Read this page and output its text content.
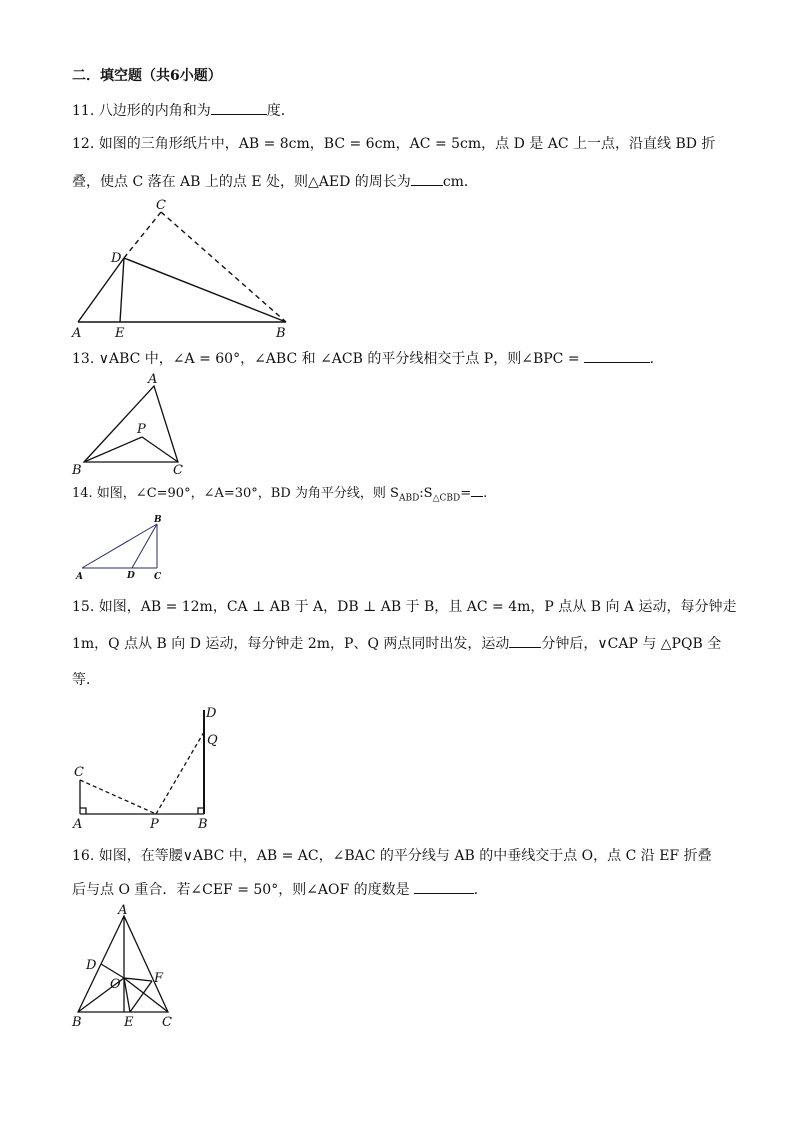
二．填空题（共6小题）
11. 八边形的内角和为	度．
12. 如图的三角形纸片中，AB = 8cm，BC = 6cm，AC = 5cm，点 D 是 AC 上一点，沿直线 BD 折
叠，使点 C 落在 AB 上的点 E 处，则△AED 的周长为 cm．
C
D
A	E	B
13. ∨ABC 中，∠A = 60°，∠ABC 和 ∠ACB 的平分线相交于点 P，则∠BPC =	．
A
P
B	C
14. 如图，∠C=90°，∠A=30°，BD 为角平分线，则 $S_{ABD}:S_{\triangle CBD}=$ .
B
A	D C
15. 如图，AB = 12m，CA ⊥ AB 于 A，DB ⊥ AB 于 B，且 AC = 4m，P 点从 B 向 A 运动，每分钟走
1m，Q 点从 B 向 D 运动，每分钟走 2m，P、Q 两点同时出发，运动 分钟后，∨CAP 与 △PQB 全
等．
C
D
Q
A	P	B
16. 如图，在等腰∨ABC 中，AB = AC，∠BAC 的平分线与 AB 的中垂线交于点 O，点 C 沿 EF 折叠
后与点 O 重合．若∠CEF = 50°，则∠AOF 的度数是	．
A
D
O	F
B	E C
